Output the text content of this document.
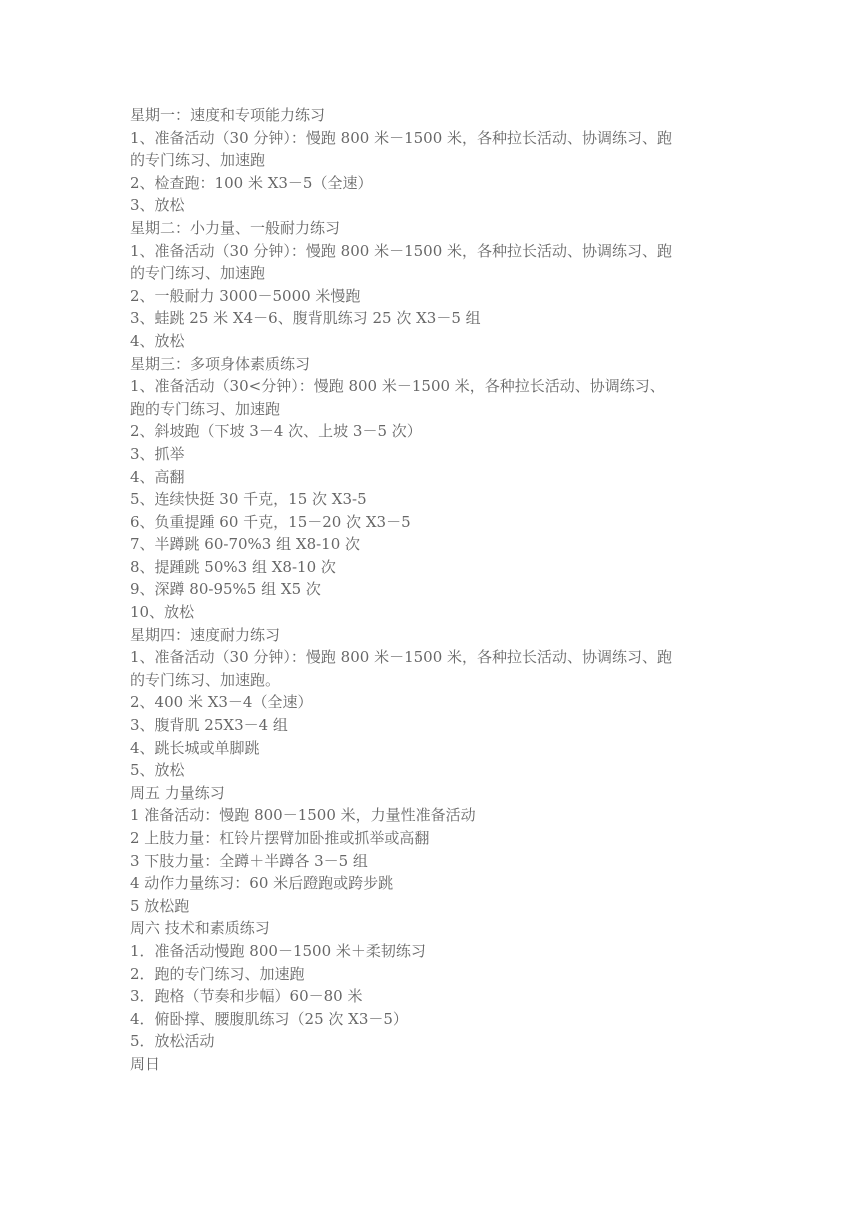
星期一：速度和专项能力练习
1、准备活动（30 分钟）：慢跑 800 米－1500 米，各种拉长活动、协调练习、跑
的专门练习、加速跑
2、检查跑：100 米 X3－5（全速）
3、放松
星期二：小力量、一般耐力练习
1、准备活动（30 分钟）：慢跑 800 米－1500 米，各种拉长活动、协调练习、跑
的专门练习、加速跑
2、一般耐力 3000－5000 米慢跑
3、蛙跳 25 米 X4－6、腹背肌练习 25 次 X3－5 组
4、放松
星期三：多项身体素质练习
1、准备活动（30<分钟）：慢跑 800 米－1500 米，各种拉长活动、协调练习、
跑的专门练习、加速跑
2、斜坡跑（下坡 3－4 次、上坡 3－5 次）
3、抓举
4、高翻
5、连续快挺 30 千克，15 次 X3-5
6、负重提踵 60 千克，15－20 次 X3－5
7、半蹲跳 60-70%3 组 X8-10 次
8、提踵跳 50%3 组 X8-10 次
9、深蹲 80-95%5 组 X5 次
10、放松
星期四：速度耐力练习
1、准备活动（30 分钟）：慢跑 800 米－1500 米，各种拉长活动、协调练习、跑
的专门练习、加速跑。
2、400 米 X3－4（全速）
3、腹背肌 25X3－4 组
4、跳长城或单脚跳
5、放松
周五 力量练习
1 准备活动：慢跑 800－1500 米，力量性准备活动
2 上肢力量：杠铃片摆臂加卧推或抓举或高翻
3 下肢力量：全蹲＋半蹲各 3－5 组
4 动作力量练习：60 米后蹬跑或跨步跳
5 放松跑
周六 技术和素质练习
1．准备活动慢跑 800－1500 米＋柔韧练习
2．跑的专门练习、加速跑
3．跑格（节奏和步幅）60－80 米
4．俯卧撑、腰腹肌练习（25 次 X3－5）
5．放松活动
周日
